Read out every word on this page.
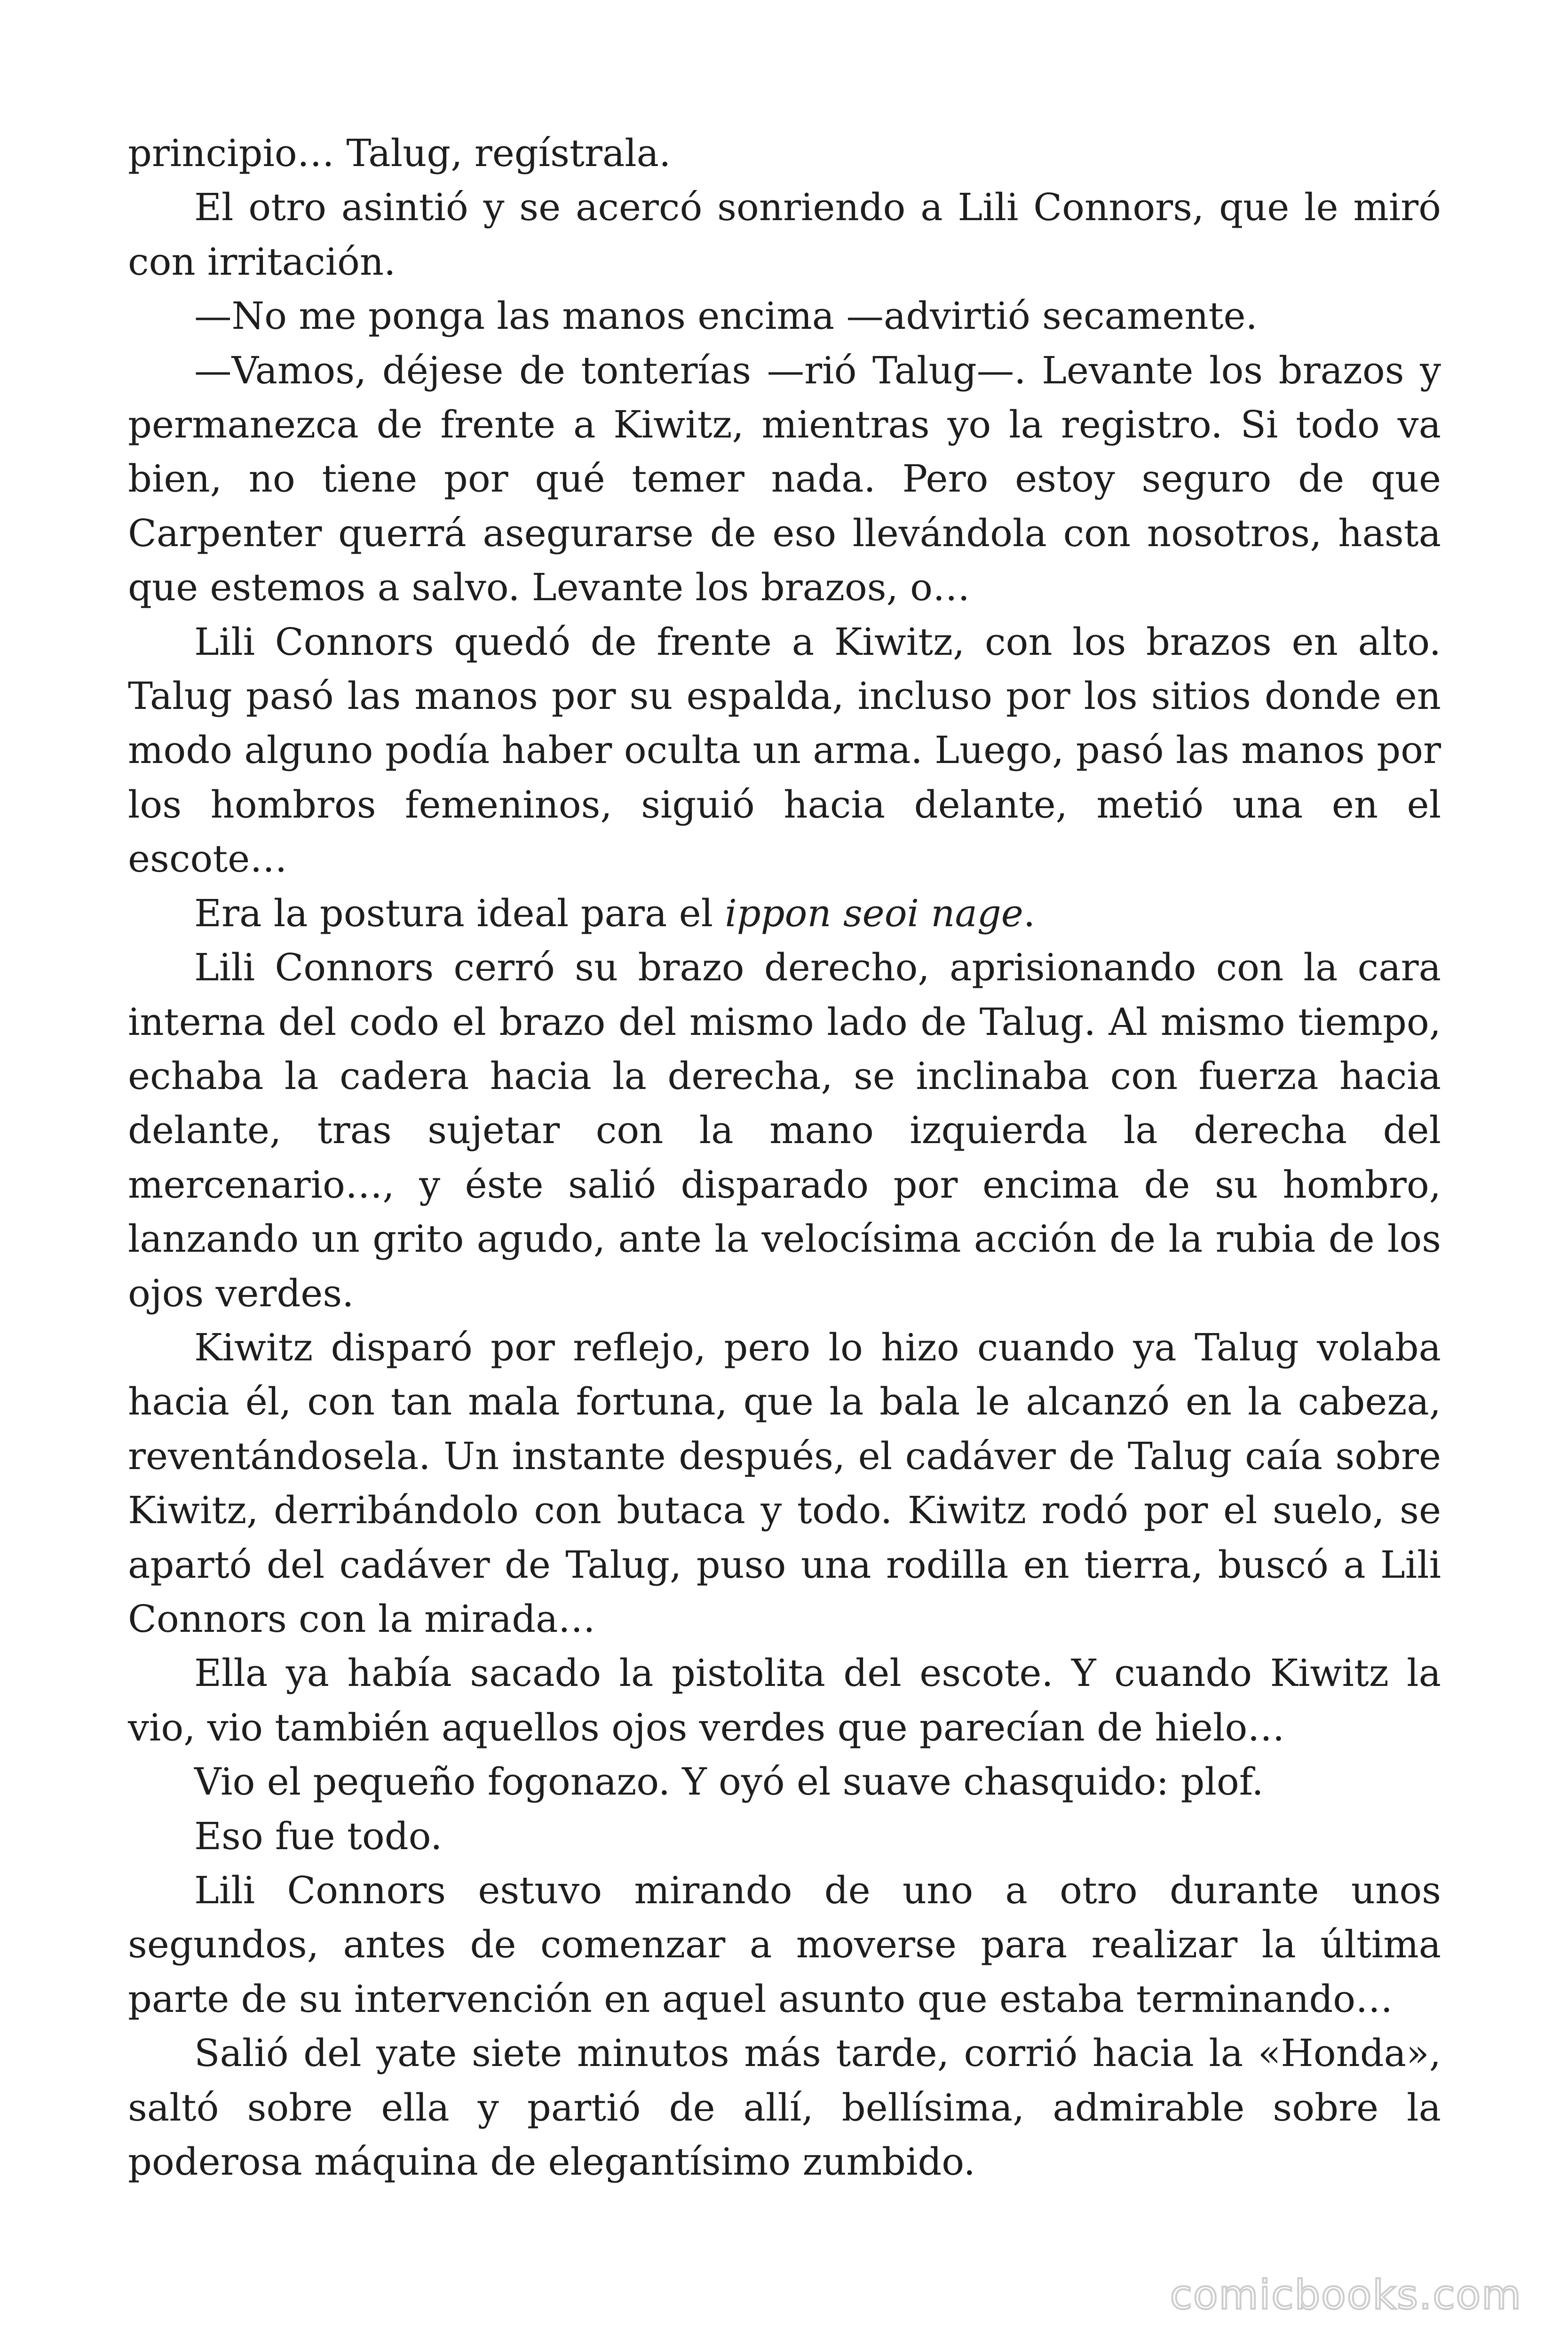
principio… Talug, regístrala.

El otro asintió y se acercó sonriendo a Lili Connors, que le miró con irritación.

—No me ponga las manos encima —advirtió secamente.

—Vamos, déjese de tonterías —rió Talug—. Levante los brazos y permanezca de frente a Kiwitz, mientras yo la registro. Si todo va bien, no tiene por qué temer nada. Pero estoy seguro de que Carpenter querrá asegurarse de eso llevándola con nosotros, hasta que estemos a salvo. Levante los brazos, o…

Lili Connors quedó de frente a Kiwitz, con los brazos en alto. Talug pasó las manos por su espalda, incluso por los sitios donde en modo alguno podía haber oculta un arma. Luego, pasó las manos por los hombros femeninos, siguió hacia delante, metió una en el escote…

Era la postura ideal para el ippon seoi nage.

Lili Connors cerró su brazo derecho, aprisionando con la cara interna del codo el brazo del mismo lado de Talug. Al mismo tiempo, echaba la cadera hacia la derecha, se inclinaba con fuerza hacia delante, tras sujetar con la mano izquierda la derecha del mercenario…, y éste salió disparado por encima de su hombro, lanzando un grito agudo, ante la velocísima acción de la rubia de los ojos verdes.

Kiwitz disparó por reflejo, pero lo hizo cuando ya Talug volaba hacia él, con tan mala fortuna, que la bala le alcanzó en la cabeza, reventándosela. Un instante después, el cadáver de Talug caía sobre Kiwitz, derribándolo con butaca y todo. Kiwitz rodó por el suelo, se apartó del cadáver de Talug, puso una rodilla en tierra, buscó a Lili Connors con la mirada…

Ella ya había sacado la pistolita del escote. Y cuando Kiwitz la vio, vio también aquellos ojos verdes que parecían de hielo…

Vio el pequeño fogonazo. Y oyó el suave chasquido: plof.

Eso fue todo.

Lili Connors estuvo mirando de uno a otro durante unos segundos, antes de comenzar a moverse para realizar la última parte de su intervención en aquel asunto que estaba terminando…

Salió del yate siete minutos más tarde, corrió hacia la «Honda», saltó sobre ella y partió de allí, bellísima, admirable sobre la poderosa máquina de elegantísimo zumbido.

comicbooks.com
